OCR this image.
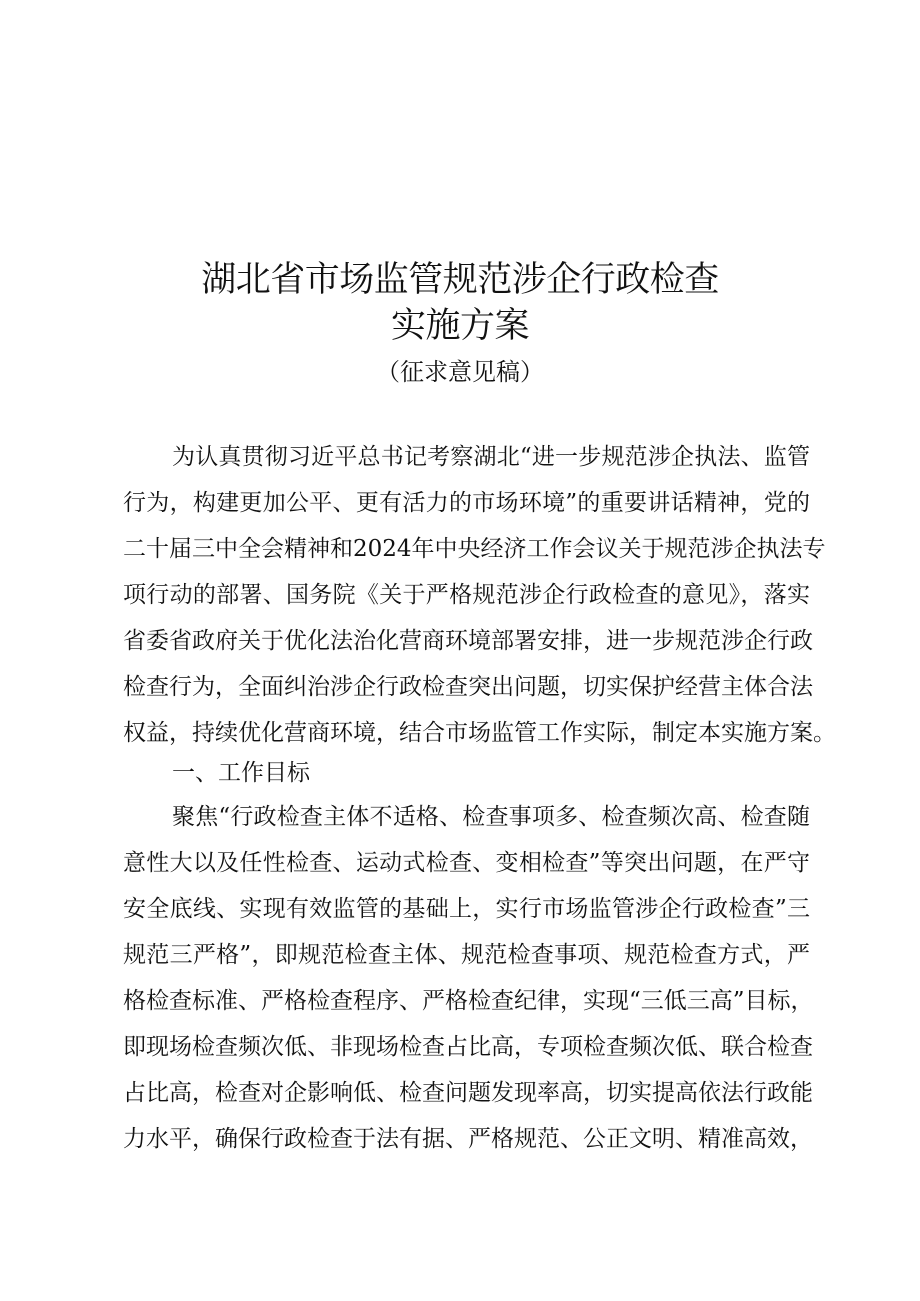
湖北省市场监管规范涉企行政检查
实施方案
（征求意见稿）
为认真贯彻习近平总书记考察湖北“进一步规范涉企执法、监管
行为，构建更加公平、更有活力的市场环境”的重要讲话精神，党的
二十届三中全会精神和2024年中央经济工作会议关于规范涉企执法专
项行动的部署、国务院《关于严格规范涉企行政检查的意见》，落实
省委省政府关于优化法治化营商环境部署安排，进一步规范涉企行政
检查行为，全面纠治涉企行政检查突出问题，切实保护经营主体合法
权益，持续优化营商环境，结合市场监管工作实际，制定本实施方案。
一、工作目标
聚焦“行政检查主体不适格、检查事项多、检查频次高、检查随
意性大以及任性检查、运动式检查、变相检查”等突出问题，在严守
安全底线、实现有效监管的基础上，实行市场监管涉企行政检查”三
规范三严格”，即规范检查主体、规范检查事项、规范检查方式，严
格检查标准、严格检查程序、严格检查纪律，实现“三低三高”目标，
即现场检查频次低、非现场检查占比高，专项检查频次低、联合检查
占比高，检查对企影响低、检查问题发现率高，切实提高依法行政能
力水平，确保行政检查于法有据、严格规范、公正文明、精准高效，
